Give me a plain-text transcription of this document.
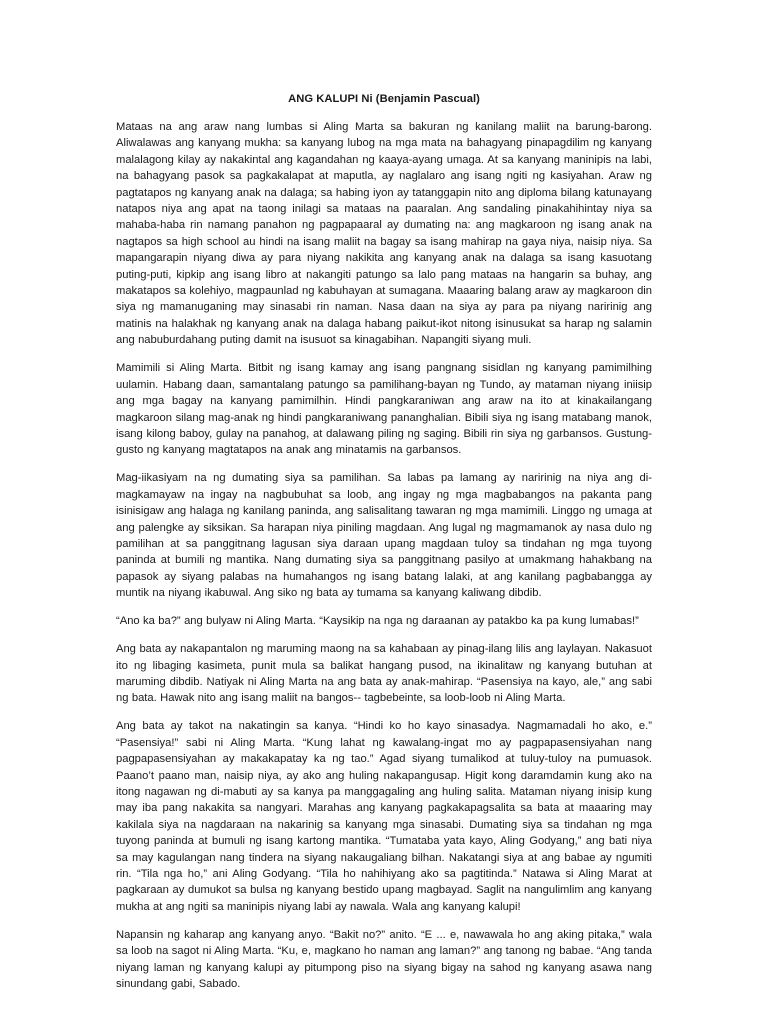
ANG KALUPI Ni (Benjamin Pascual)

Mataas na ang araw nang lumbas si Aling Marta sa bakuran ng kanilang maliit na barung-barong. Aliwalawas ang kanyang mukha: sa kanyang lubog na mga mata na bahagyang pinapagdilim ng kanyang malalagong kilay ay nakakintal ang kagandahan ng kaaya-ayang umaga. At sa kanyang maninipis na labi, na bahagyang pasok sa pagkakalapat at maputla, ay naglalaro ang isang ngiti ng kasiyahan. Araw ng pagtatapos ng kanyang anak na dalaga; sa habing iyon ay tatanggapin nito ang diploma bilang katunayang natapos niya ang apat na taong inilagi sa mataas na paaralan. Ang sandaling pinakahihintay niya sa mahaba-haba rin namang panahon ng pagpapaaral ay dumating na: ang magkaroon ng isang anak na nagtapos sa high school au hindi na isang maliit na bagay sa isang mahirap na gaya niya, naisip niya. Sa mapangarapin niyang diwa ay para niyang nakikita ang kanyang anak na dalaga sa isang kasuotang puting-puti, kipkip ang isang libro at nakangiti patungo sa lalo pang mataas na hangarin sa buhay, ang makatapos sa kolehiyo, magpaunlad ng kabuhayan at sumagana. Maaaring balang araw ay magkaroon din siya ng mamanuganing may sinasabi rin naman. Nasa daan na siya ay para pa niyang naririnig ang matinis na halakhak ng kanyang anak na dalaga habang paikut-ikot nitong isinusukat sa harap ng salamin ang nabuburdahang puting damit na isusuot sa kinagabihan. Napangiti siyang muli.

Mamimili si Aling Marta. Bitbit ng isang kamay ang isang pangnang sisidlan ng kanyang pamimilhing uulamin. Habang daan, samantalang patungo sa pamilihang-bayan ng Tundo, ay mataman niyang iniisip ang mga bagay na kanyang pamimilhin. Hindi pangkaraniwan ang araw na ito at kinakailangang magkaroon silang mag-anak ng hindi pangkaraniwang pananghalian. Bibili siya ng isang matabang manok, isang kilong baboy, gulay na panahog, at dalawang piling ng saging. Bibili rin siya ng garbansos. Gustung-gusto ng kanyang magtatapos na anak ang minatamis na garbansos.

Mag-iikasiyam na ng dumating siya sa pamilihan. Sa labas pa lamang ay naririnig na niya ang di-magkamayaw na ingay na nagbubuhat sa loob, ang ingay ng mga magbabangos na pakanta pang isinisigaw ang halaga ng kanilang paninda, ang salisalitang tawaran ng mga mamimili. Linggo ng umaga at ang palengke ay siksikan. Sa harapan niya piniling magdaan. Ang lugal ng magmamanok ay nasa dulo ng pamilihan at sa panggitnang lagusan siya daraan upang magdaan tuloy sa tindahan ng mga tuyong paninda at bumili ng mantika. Nang dumating siya sa panggitnang pasilyo at umakmang hahakbang na papasok ay siyang palabas na humahangos ng isang batang lalaki, at ang kanilang pagbabangga ay muntik na niyang ikabuwal. Ang siko ng bata ay tumama sa kanyang kaliwang dibdib.

“Ano ka ba?” ang bulyaw ni Aling Marta. “Kaysikip na nga ng daraanan ay patakbo ka pa kung lumabas!”

Ang bata ay nakapantalon ng maruming maong na sa kahabaan ay pinag-ilang lilis ang laylayan. Nakasuot ito ng libaging kasimeta, punit mula sa balikat hangang pusod, na ikinalitaw ng kanyang butuhan at maruming dibdib. Natiyak ni Aling Marta na ang bata ay anak-mahirap. “Pasensiya na kayo, ale,” ang sabi ng bata. Hawak nito ang isang maliit na bangos-- tagbebeinte, sa loob-loob ni Aling Marta.

Ang bata ay takot na nakatingin sa kanya. “Hindi ko ho kayo sinasadya. Nagmamadali ho ako, e.” “Pasensiya!” sabi ni Aling Marta. “Kung lahat ng kawalang-ingat mo ay pagpapasensiyahan nang pagpapasensiyahan ay makakapatay ka ng tao.” Agad siyang tumalikod at tuluy-tuloy na pumuasok. Paano’t paano man, naisip niya, ay ako ang huling nakapangusap. Higit kong daramdamin kung ako na itong nagawan ng di-mabuti ay sa kanya pa manggagaling ang huling salita. Mataman niyang inisip kung may iba pang nakakita sa nangyari. Marahas ang kanyang pagkakapagsalita sa bata at maaaring may kakilala siya na nagdaraan na nakarinig sa kanyang mga sinasabi. Dumating siya sa tindahan ng mga tuyong paninda at bumuli ng isang kartong mantika. “Tumataba yata kayo, Aling Godyang,” ang bati niya sa may kagulangan nang tindera na siyang nakaugaliang bilhan. Nakatangi siya at ang babae ay ngumiti rin. “Tila nga ho,” ani Aling Godyang. “Tila ho nahihiyang ako sa pagtitinda.” Natawa si Aling Marat at pagkaraan ay dumukot sa bulsa ng kanyang bestido upang magbayad. Saglit na nangulimlim ang kanyang mukha at ang ngiti sa maninipis niyang labi ay nawala. Wala ang kanyang kalupi!

Napansin ng kaharap ang kanyang anyo. “Bakit no?” anito. “E ... e, nawawala ho ang aking pitaka,” wala sa loob na sagot ni Aling Marta. “Ku, e, magkano ho naman ang laman?” ang tanong ng babae. “Ang tanda niyang laman ng kanyang kalupi ay pitumpong piso na siyang bigay na sahod ng kanyang asawa nang sinundang gabi, Sabado.
